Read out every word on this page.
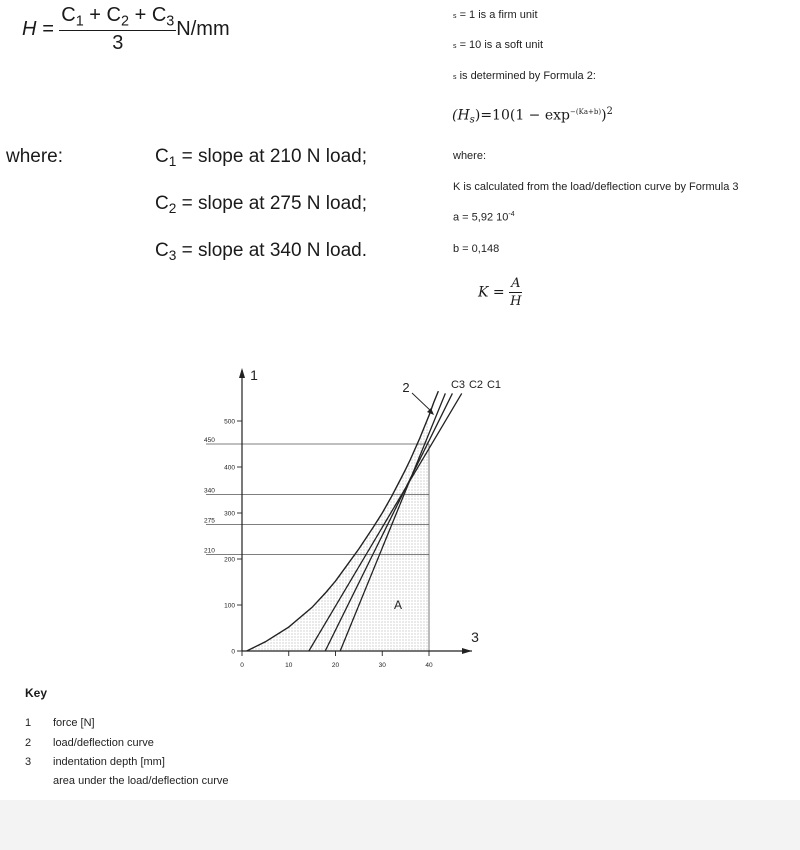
$H = \frac{C_1 + C_2 + C_3}{3} N/mm$
where:	$C_1$ = slope at 210 N load;
$C_2$ = slope at 275 N load;
$C_3$ = slope at 340 N load.
s = 1 is a firm unit
s = 10 is a soft unit
s is determined by Formula 2:
$(H_s)=10(1 - \exp^{-(Ka+b)})^2$
where:
K is calculated from the load/deflection curve by Formula 3
a = 5,92 $10^{-4}$
b = 0,148
$K = \frac{A}{H}$
210
275
340
450
1
3
0
100
200
300
400
500
0	10	20	30	40
2	C3 C2 C1
A
Key
1 force [N]
2 load/deflection curve
3 indentation depth [mm]
area under the load/deflection curve
